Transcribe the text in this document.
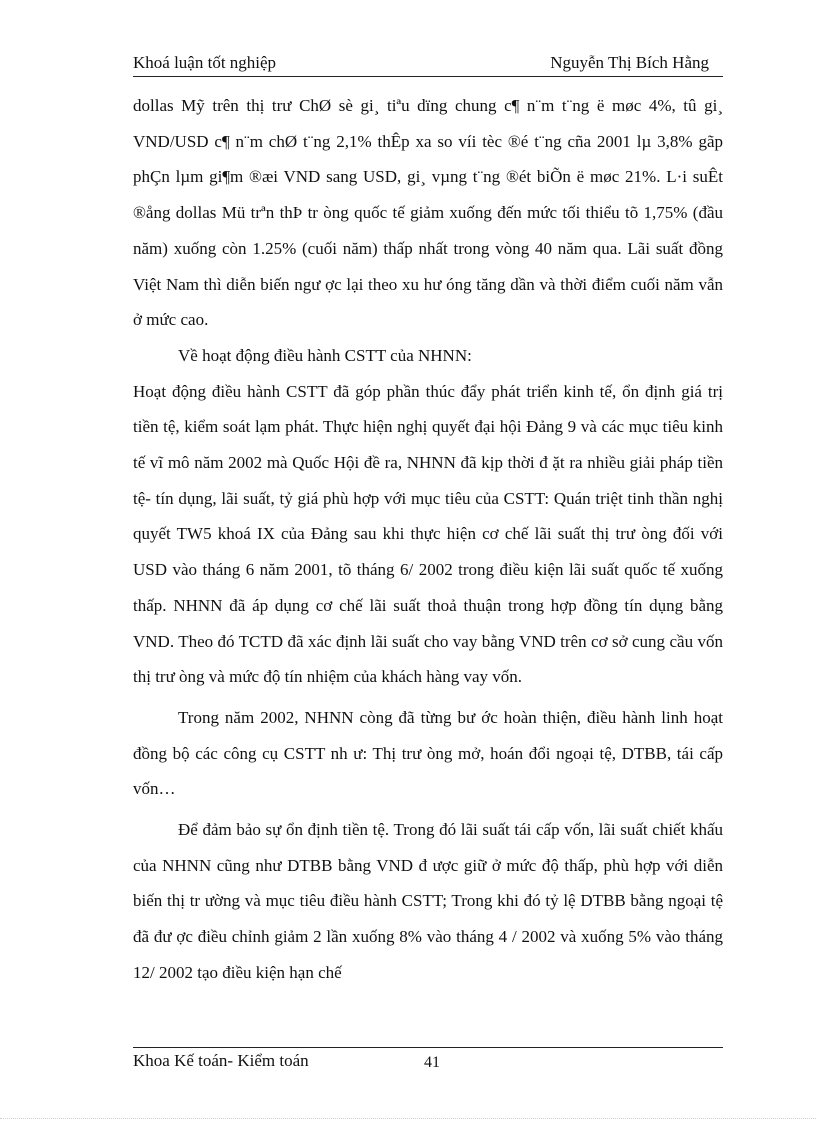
Khoá luận tốt nghiệp	Nguyễn Thị Bích Hằng

dollas Mỹ trên thị trư ChØ sè gi¸ tiªu dïng chung c¶ n¨m t¨ng ë møc 4%, tû gi¸ VND/USD c¶ n¨m chØ t¨ng 2,1% thÊp xa so víi tèc ®é t¨ng cña 2001 lµ 3,8% gãp phÇn lµm gi¶m ®æi VND sang USD, gi¸ vµng t¨ng ®ét biÕn ë møc 21%. L·i suÊt ®ång dollas Mü trªn thÞ tr òng quốc tế giảm xuống đến mức tối thiểu tõ 1,75% (đầu năm) xuống còn 1.25% (cuối năm) thấp nhất trong vòng 40 năm qua. Lãi suất đồng Việt Nam thì diễn biến ngư ợc lại theo xu hư óng tăng dần và thời điểm cuối năm vẫn ở mức cao.

Về hoạt động điều hành CSTT của NHNN:

Hoạt động điều hành CSTT đã góp phần thúc đẩy phát triển kinh tế, ổn định giá trị tiền tệ, kiểm soát lạm phát. Thực hiện nghị quyết đại hội Đảng 9 và các mục tiêu kinh tế vĩ mô năm 2002 mà Quốc Hội đề ra, NHNN đã kịp thời đ ặt ra nhiều giải pháp tiền tệ- tín dụng, lãi suất, tỷ giá phù hợp với mục tiêu của CSTT: Quán triệt tinh thần nghị quyết TW5 khoá IX của Đảng sau khi thực hiện cơ chế lãi suất thị trư òng đối với USD vào tháng 6 năm 2001, tõ tháng 6/ 2002 trong điều kiện lãi suất quốc tế xuống thấp. NHNN đã áp dụng cơ chế lãi suất thoả thuận trong hợp đồng tín dụng bằng VND. Theo đó TCTD đã xác định lãi suất cho vay bằng VND trên cơ sở cung cầu vốn thị trư òng và mức độ tín nhiệm của khách hàng vay vốn.

Trong năm 2002, NHNN còng đã từng bư ớc hoàn thiện, điều hành linh hoạt đồng bộ các công cụ CSTT nh ư: Thị trư òng mở, hoán đổi ngoại tệ, DTBB, tái cấp vốn…

Để đảm bảo sự ổn định tiền tệ. Trong đó lãi suất tái cấp vốn, lãi suất chiết khấu của NHNN cũng như DTBB bằng VND đ ược giữ ở mức độ thấp, phù hợp với diễn biến thị tr ường và mục tiêu điều hành CSTT; Trong khi đó tỷ lệ DTBB bằng ngoại tệ đã đư ợc điều chỉnh giảm 2 lần xuống 8% vào tháng 4 / 2002 và xuống 5% vào tháng 12/ 2002 tạo điều kiện hạn chế

Khoa Kế toán- Kiểm toán	41
